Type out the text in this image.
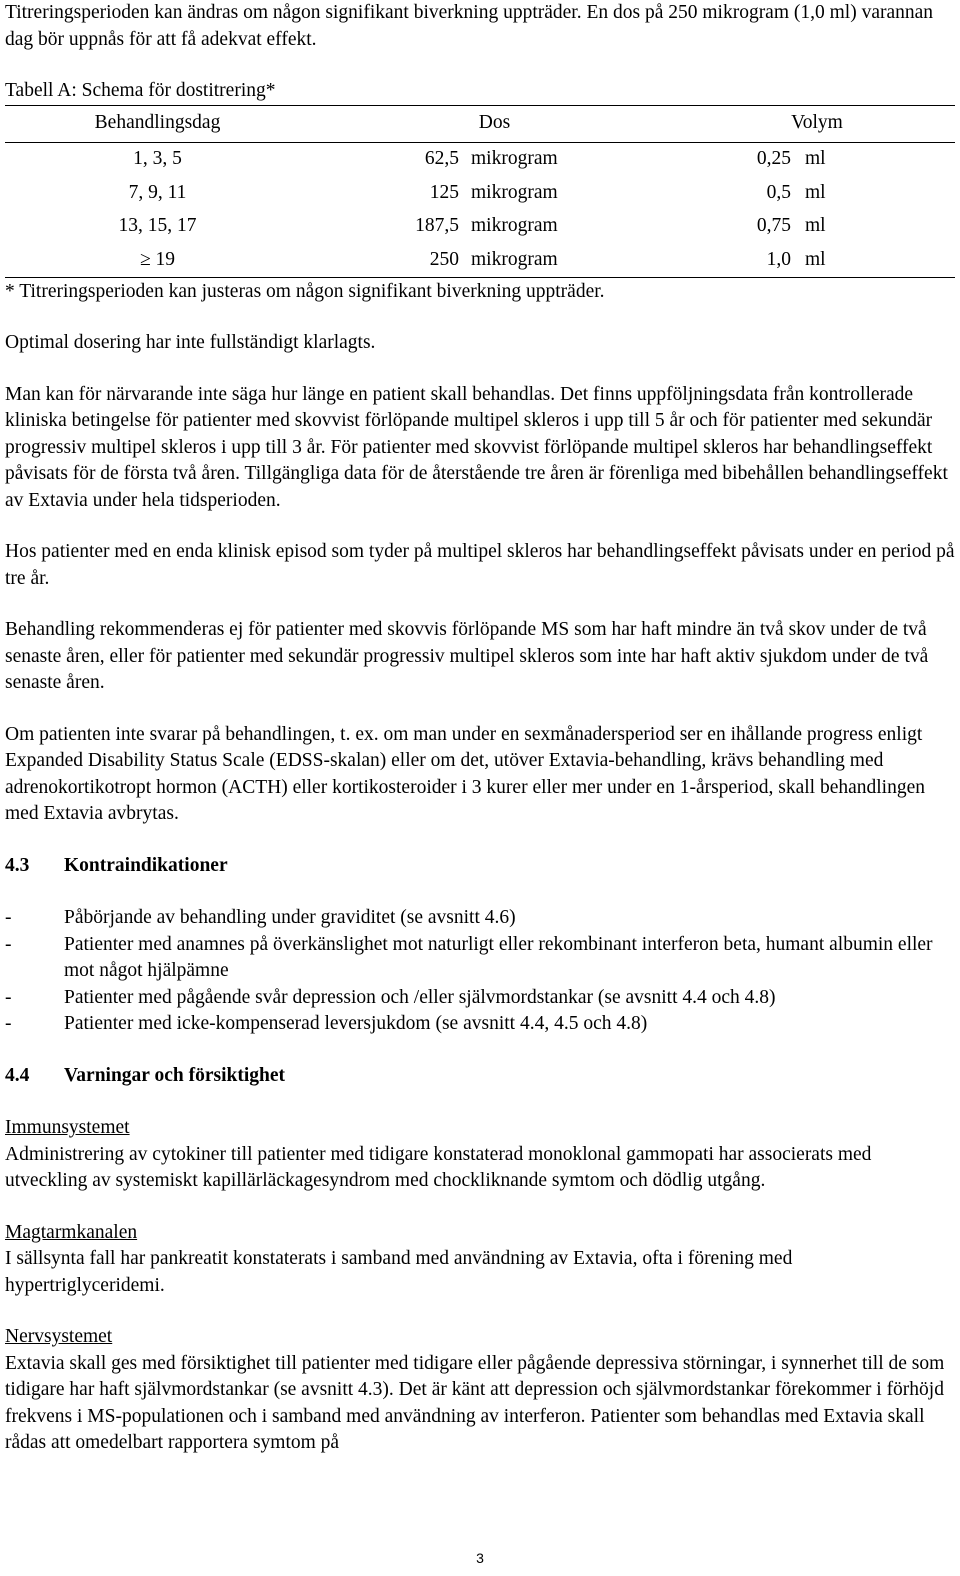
Titreringsperioden kan ändras om någon signifikant biverkning uppträder. En dos på 250 mikrogram (1,0 ml) varannan dag bör uppnås för att få adekvat effekt.

Tabell A: Schema för dostitrering*

Behandlingsdag	Dos		Volym	
1, 3, 5	62,5	mikrogram	0,25	ml
7, 9, 11	125	mikrogram	0,5	ml
13, 15, 17	187,5	mikrogram	0,75	ml
≥ 19	250	mikrogram	1,0	ml

* Titreringsperioden kan justeras om någon signifikant biverkning uppträder.

Optimal dosering har inte fullständigt klarlagts.

Man kan för närvarande inte säga hur länge en patient skall behandlas. Det finns uppföljningsdata från kontrollerade kliniska betingelse för patienter med skovvist förlöpande multipel skleros i upp till 5 år och för patienter med sekundär progressiv multipel skleros i upp till 3 år. För patienter med skovvist förlöpande multipel skleros har behandlingseffekt påvisats för de första två åren. Tillgängliga data för de återstående tre åren är förenliga med bibehållen behandlingseffekt av Extavia under hela tidsperioden.

Hos patienter med en enda klinisk episod som tyder på multipel skleros har behandlingseffekt påvisats under en period på tre år.

Behandling rekommenderas ej för patienter med skovvis förlöpande MS som har haft mindre än två skov under de två senaste åren, eller för patienter med sekundär progressiv multipel skleros som inte har haft aktiv sjukdom under de två senaste åren.

Om patienten inte svarar på behandlingen, t. ex. om man under en sexmånadersperiod ser en ihållande progress enligt Expanded Disability Status Scale (EDSS-skalan) eller om det, utöver Extavia-behandling, krävs behandling med adrenokortikotropt hormon (ACTH) eller kortikosteroider i 3 kurer eller mer under en 1-årsperiod, skall behandlingen med Extavia avbrytas.

4.3 Kontraindikationer
-	Påbörjande av behandling under graviditet (se avsnitt 4.6)
-	Patienter med anamnes på överkänslighet mot naturligt eller rekombinant interferon beta, humant albumin eller mot något hjälpämne
-	Patienter med pågående svår depression och /eller självmordstankar (se avsnitt 4.4 och 4.8)
-	Patienter med icke-kompenserad leversjukdom (se avsnitt 4.4, 4.5 och 4.8)
4.4 Varningar och försiktighet

Immunsystemet

Administrering av cytokiner till patienter med tidigare konstaterad monoklonal gammopati har associerats med utveckling av systemiskt kapillärläckagesyndrom med chockliknande symtom och dödlig utgång.

Magtarmkanalen

I sällsynta fall har pankreatit konstaterats i samband med användning av Extavia, ofta i förening med hypertriglyceridemi.

Nervsystemet

Extavia skall ges med försiktighet till patienter med tidigare eller pågående depressiva störningar, i synnerhet till de som tidigare har haft självmordstankar (se avsnitt 4.3). Det är känt att depression och självmordstankar förekommer i förhöjd frekvens i MS-populationen och i samband med användning av interferon. Patienter som behandlas med Extavia skall rådas att omedelbart rapportera symtom på

3
